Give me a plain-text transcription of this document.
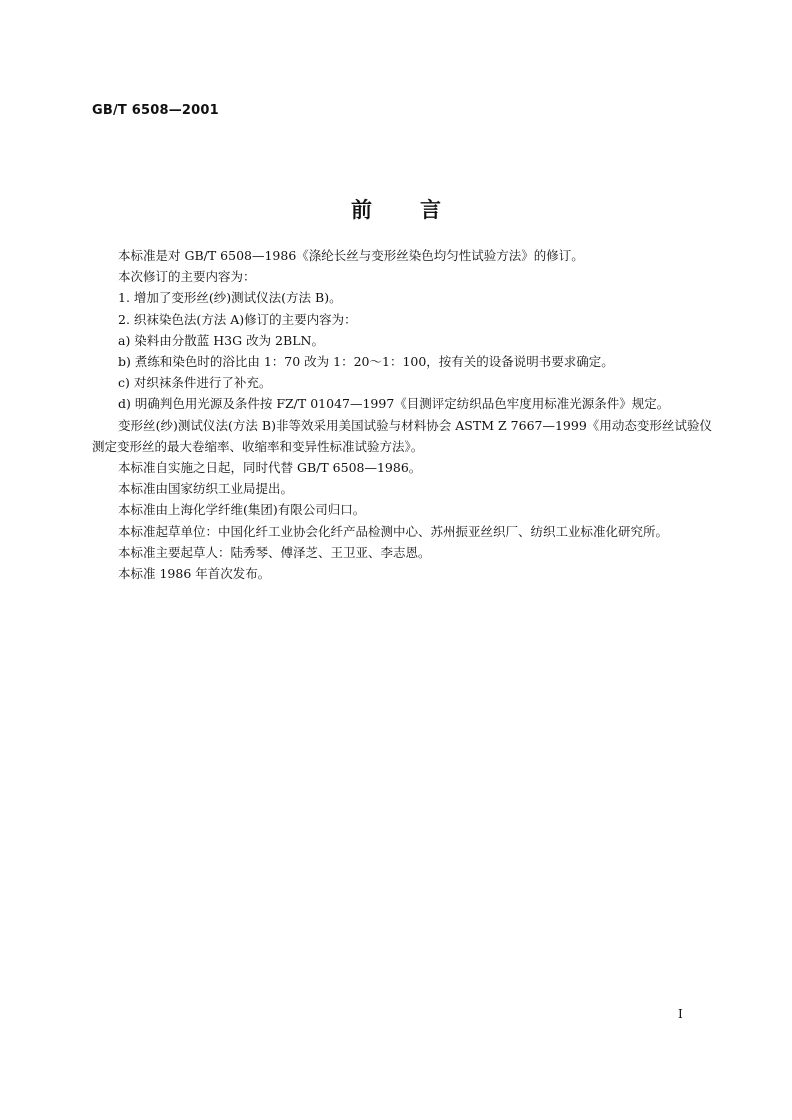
GB/T 6508—2001
前 言

本标准是对 GB/T 6508—1986《涤纶长丝与变形丝染色均匀性试验方法》的修订。

本次修订的主要内容为：

1. 增加了变形丝(纱)测试仪法(方法 B)。

2. 织袜染色法(方法 A)修订的主要内容为：

a) 染料由分散蓝 H3G 改为 2BLN。

b) 煮练和染色时的浴比由 1：70 改为 1：20～1：100，按有关的设备说明书要求确定。

c) 对织袜条件进行了补充。

d) 明确判色用光源及条件按 FZ/T 01047—1997《目测评定纺织品色牢度用标准光源条件》规定。

变形丝(纱)测试仪法(方法 B)非等效采用美国试验与材料协会 ASTM Z 7667—1999《用动态变形丝试验仪测定变形丝的最大卷缩率、收缩率和变异性标准试验方法》。

本标准自实施之日起，同时代替 GB/T 6508—1986。

本标准由国家纺织工业局提出。

本标准由上海化学纤维(集团)有限公司归口。

本标准起草单位：中国化纤工业协会化纤产品检测中心、苏州振亚丝织厂、纺织工业标准化研究所。

本标准主要起草人：陆秀琴、傅泽芝、王卫亚、李志恩。

本标准 1986 年首次发布。

I
